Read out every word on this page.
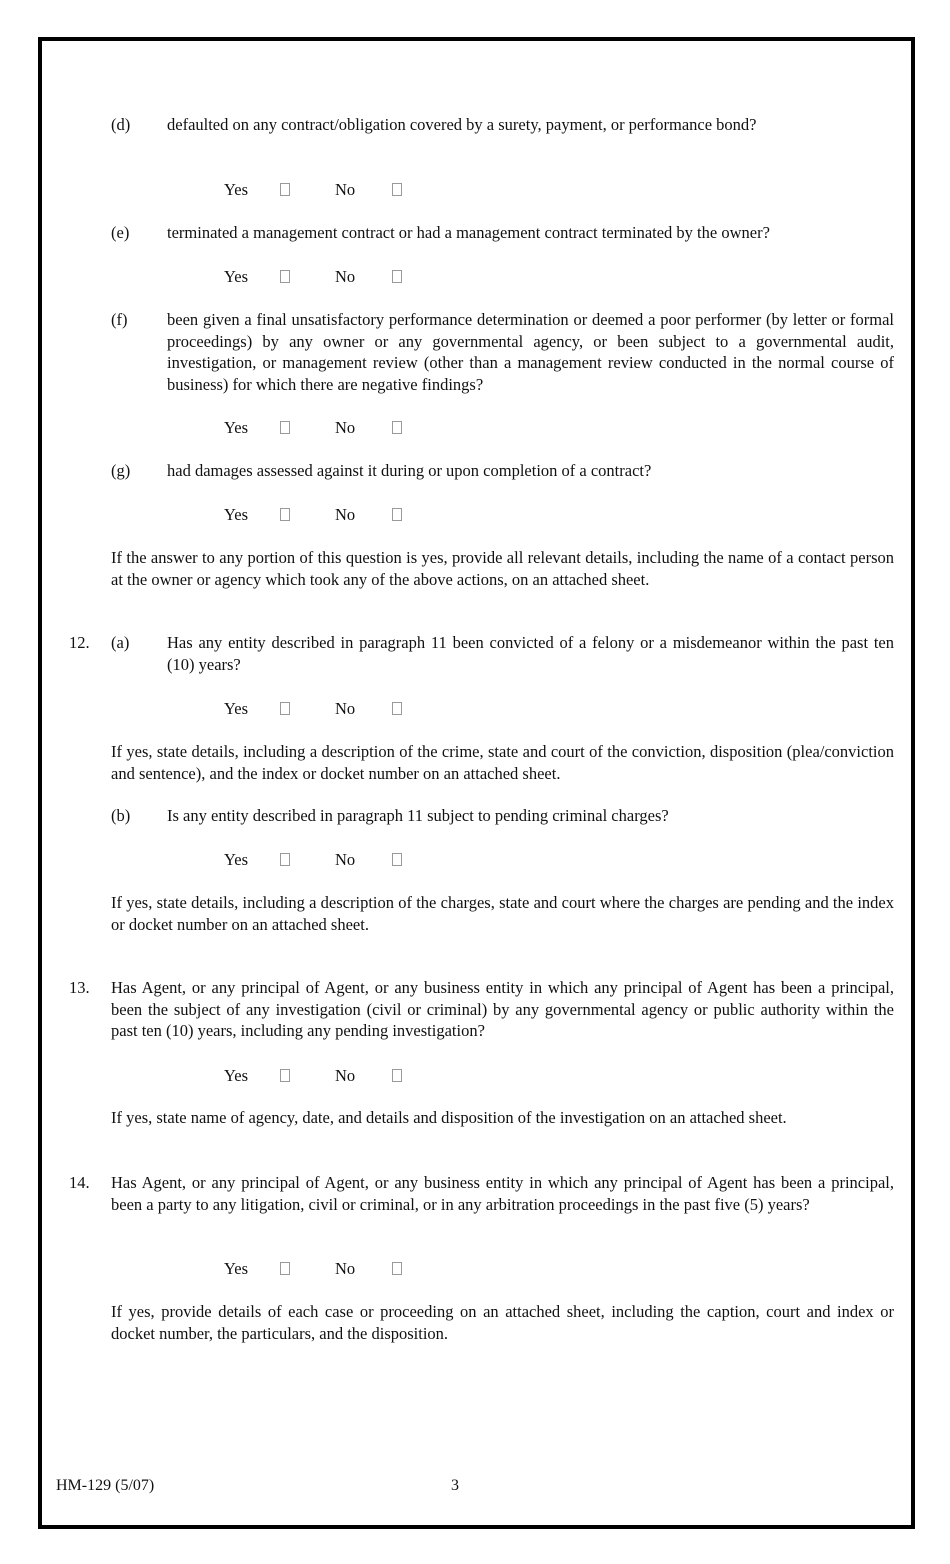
(d) defaulted on any contract/obligation covered by a surety, payment, or performance bond?

Yes	No
(e) terminated a management contract or had a management contract terminated by the owner?

Yes	No
(f) been given a final unsatisfactory performance determination or deemed a poor performer (by letter or formal proceedings) by any owner or any governmental agency, or been subject to a governmental audit, investigation, or management review (other than a management review conducted in the normal course of business) for which there are negative findings?

Yes	No
(g) had damages assessed against it during or upon completion of a contract?

Yes	No

If the answer to any portion of this question is yes, provide all relevant details, including the name of a contact person at the owner or agency which took any of the above actions, on an attached sheet.

12. (a) Has any entity described in paragraph 11 been convicted of a felony or a misdemeanor within the past ten (10) years?

Yes	No

If yes, state details, including a description of the crime, state and court of the conviction, disposition (plea/conviction and sentence), and the index or docket number on an attached sheet.

(b) Is any entity described in paragraph 11 subject to pending criminal charges?

Yes	No

If yes, state details, including a description of the charges, state and court where the charges are pending and the index or docket number on an attached sheet.

13. Has Agent, or any principal of Agent, or any business entity in which any principal of Agent has been a principal, been the subject of any investigation (civil or criminal) by any governmental agency or public authority within the past ten (10) years, including any pending investigation?

Yes	No

If yes, state name of agency, date, and details and disposition of the investigation on an attached sheet.

14. Has Agent, or any principal of Agent, or any business entity in which any principal of Agent has been a principal, been a party to any litigation, civil or criminal, or in any arbitration proceedings in the past five (5) years?

Yes	No

If yes, provide details of each case or proceeding on an attached sheet, including the caption, court and index or docket number, the particulars, and the disposition.

HM-129 (5/07)	3
